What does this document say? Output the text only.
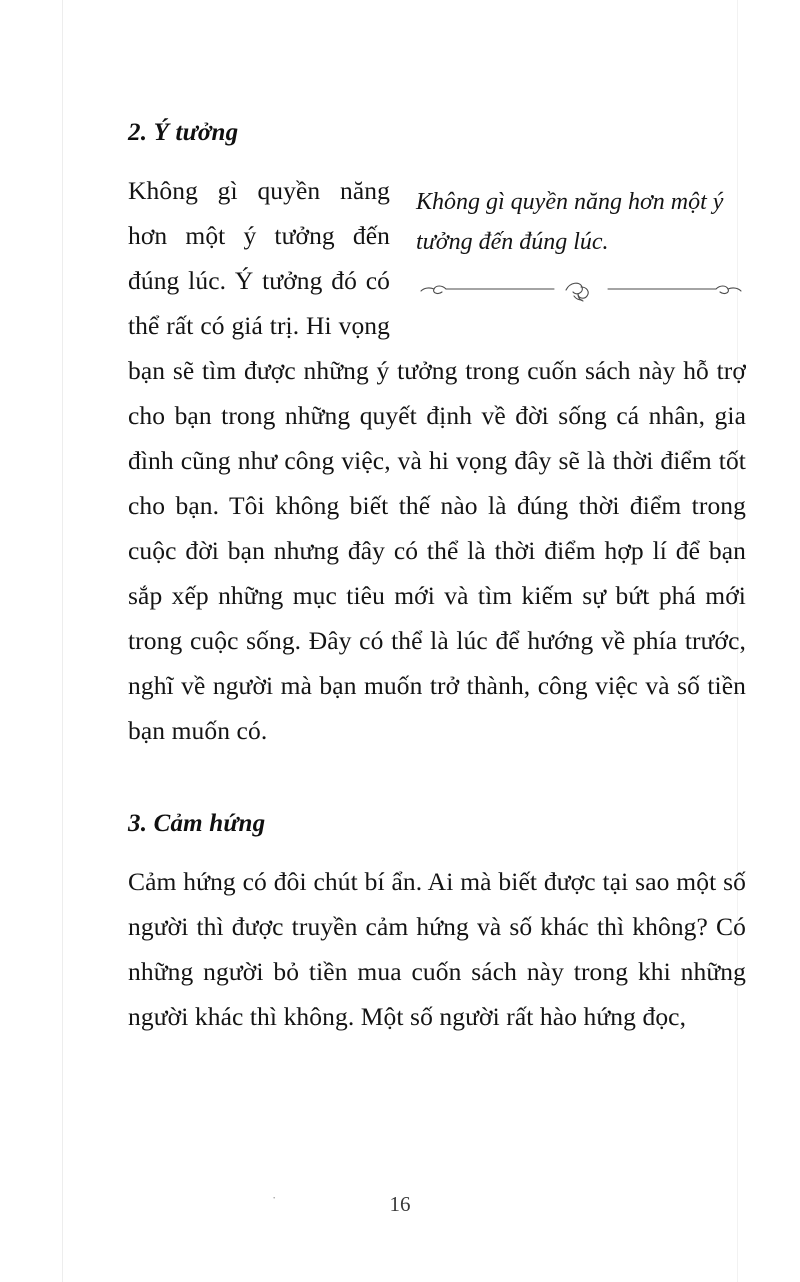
2. Ý tưởng

Không gì quyền năng hơn một ý tưởng đến đúng lúc.

Không gì quyền năng hơn một ý tưởng đến đúng lúc. Ý tưởng đó có thể rất có giá trị. Hi vọng bạn sẽ tìm được những ý tưởng trong cuốn sách này hỗ trợ cho bạn trong những quyết định về đời sống cá nhân, gia đình cũng như công việc, và hi vọng đây sẽ là thời điểm tốt cho bạn. Tôi không biết thế nào là đúng thời điểm trong cuộc đời bạn nhưng đây có thể là thời điểm hợp lí để bạn sắp xếp những mục tiêu mới và tìm kiếm sự bứt phá mới trong cuộc sống. Đây có thể là lúc để hướng về phía trước, nghĩ về người mà bạn muốn trở thành, công việc và số tiền bạn muốn có.

3. Cảm hứng

Cảm hứng có đôi chút bí ẩn. Ai mà biết được tại sao một số người thì được truyền cảm hứng và số khác thì không? Có những người bỏ tiền mua cuốn sách này trong khi những người khác thì không. Một số người rất hào hứng đọc,

·	16
